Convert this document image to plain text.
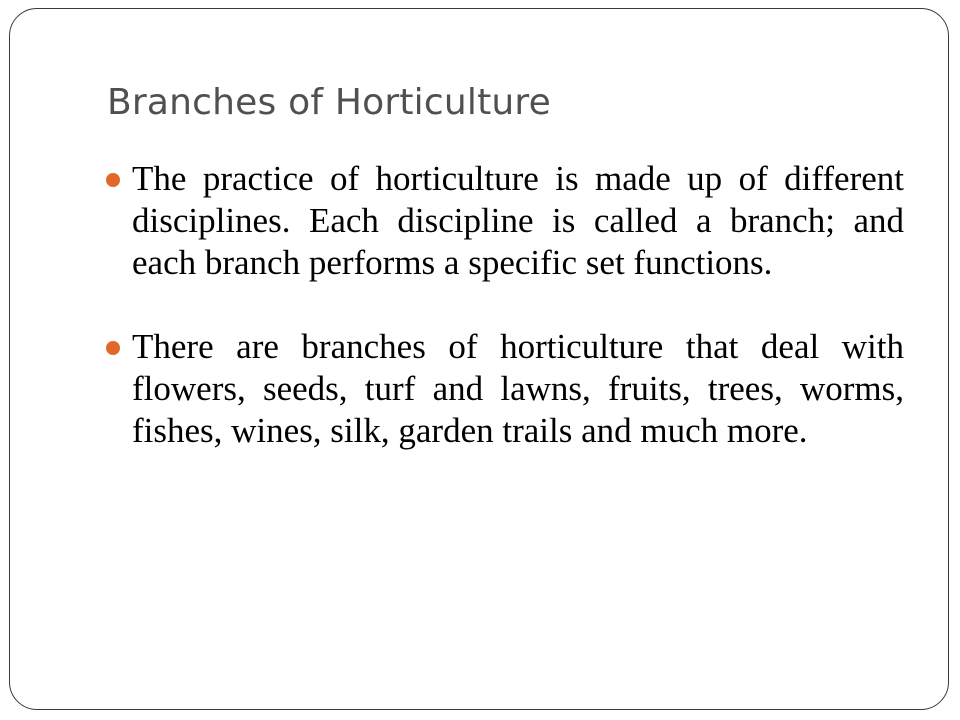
Branches of Horticulture
The practice of horticulture is made up of different disciplines. Each discipline is called a branch; and each branch performs a specific set functions.
There are branches of horticulture that deal with flowers, seeds, turf and lawns, fruits, trees, worms, fishes, wines, silk, garden trails and much more.
